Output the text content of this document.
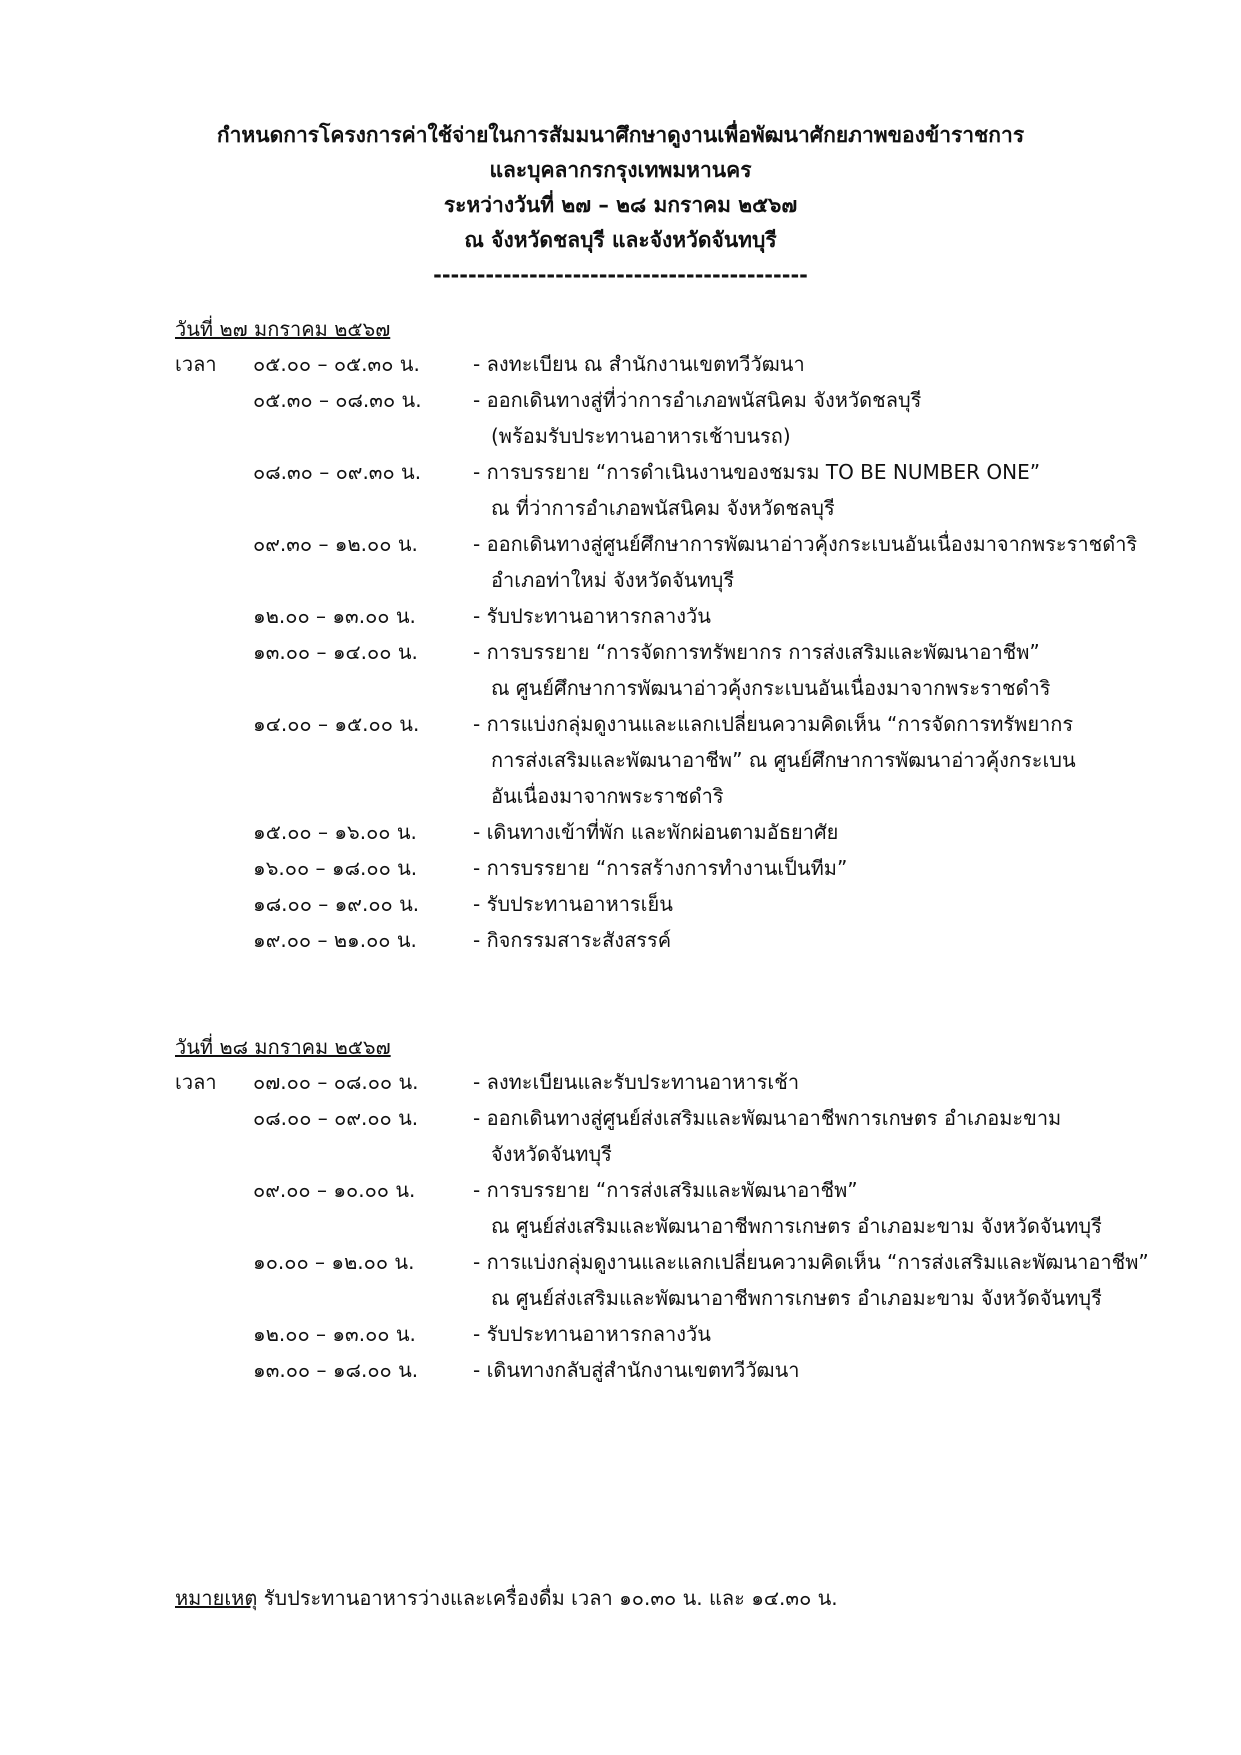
กำหนดการโครงการค่าใช้จ่ายในการสัมมนาศึกษาดูงานเพื่อพัฒนาศักยภาพของข้าราชการ
และบุคลากรกรุงเทพมหานคร
ระหว่างวันที่ ๒๗ – ๒๘ มกราคม ๒๕๖๗
ณ จังหวัดชลบุรี และจังหวัดจันทบุรี
-------------------------------------------
วันที่ ๒๗ มกราคม ๒๕๖๗
เวลา ๐๕.๐๐ – ๐๕.๓๐ น.	- ลงทะเบียน ณ สำนักงานเขตทวีวัฒนา
๐๕.๓๐ – ๐๘.๓๐ น.	- ออกเดินทางสู่ที่ว่าการอำเภอพนัสนิคม จังหวัดชลบุรี
(พร้อมรับประทานอาหารเช้าบนรถ)
๐๘.๓๐ – ๐๙.๓๐ น.	- การบรรยาย “การดำเนินงานของชมรม TO BE NUMBER ONE”
ณ ที่ว่าการอำเภอพนัสนิคม จังหวัดชลบุรี
๐๙.๓๐ – ๑๒.๐๐ น.	- ออกเดินทางสู่ศูนย์ศึกษาการพัฒนาอ่าวคุ้งกระเบนอันเนื่องมาจากพระราชดำริ
อำเภอท่าใหม่ จังหวัดจันทบุรี
๑๒.๐๐ – ๑๓.๐๐ น.	- รับประทานอาหารกลางวัน
๑๓.๐๐ – ๑๔.๐๐ น.	- การบรรยาย “การจัดการทรัพยากร การส่งเสริมและพัฒนาอาชีพ”
ณ ศูนย์ศึกษาการพัฒนาอ่าวคุ้งกระเบนอันเนื่องมาจากพระราชดำริ
๑๔.๐๐ – ๑๕.๐๐ น.	- การแบ่งกลุ่มดูงานและแลกเปลี่ยนความคิดเห็น “การจัดการทรัพยากร
การส่งเสริมและพัฒนาอาชีพ” ณ ศูนย์ศึกษาการพัฒนาอ่าวคุ้งกระเบน
อันเนื่องมาจากพระราชดำริ
๑๕.๐๐ – ๑๖.๐๐ น.	- เดินทางเข้าที่พัก และพักผ่อนตามอัธยาศัย
๑๖.๐๐ – ๑๘.๐๐ น.	- การบรรยาย “การสร้างการทำงานเป็นทีม”
๑๘.๐๐ – ๑๙.๐๐ น.	- รับประทานอาหารเย็น
๑๙.๐๐ – ๒๑.๐๐ น.	- กิจกรรมสาระสังสรรค์
วันที่ ๒๘ มกราคม ๒๕๖๗
เวลา ๐๗.๐๐ – ๐๘.๐๐ น.	- ลงทะเบียนและรับประทานอาหารเช้า
๐๘.๐๐ – ๐๙.๐๐ น.	- ออกเดินทางสู่ศูนย์ส่งเสริมและพัฒนาอาชีพการเกษตร อำเภอมะขาม
จังหวัดจันทบุรี
๐๙.๐๐ – ๑๐.๐๐ น.	- การบรรยาย “การส่งเสริมและพัฒนาอาชีพ”
ณ ศูนย์ส่งเสริมและพัฒนาอาชีพการเกษตร อำเภอมะขาม จังหวัดจันทบุรี
๑๐.๐๐ – ๑๒.๐๐ น.	- การแบ่งกลุ่มดูงานและแลกเปลี่ยนความคิดเห็น “การส่งเสริมและพัฒนาอาชีพ”
ณ ศูนย์ส่งเสริมและพัฒนาอาชีพการเกษตร อำเภอมะขาม จังหวัดจันทบุรี
๑๒.๐๐ – ๑๓.๐๐ น.	- รับประทานอาหารกลางวัน
๑๓.๐๐ – ๑๘.๐๐ น.	- เดินทางกลับสู่สำนักงานเขตทวีวัฒนา
หมายเหตุ รับประทานอาหารว่างและเครื่องดื่ม เวลา ๑๐.๓๐ น. และ ๑๔.๓๐ น.
